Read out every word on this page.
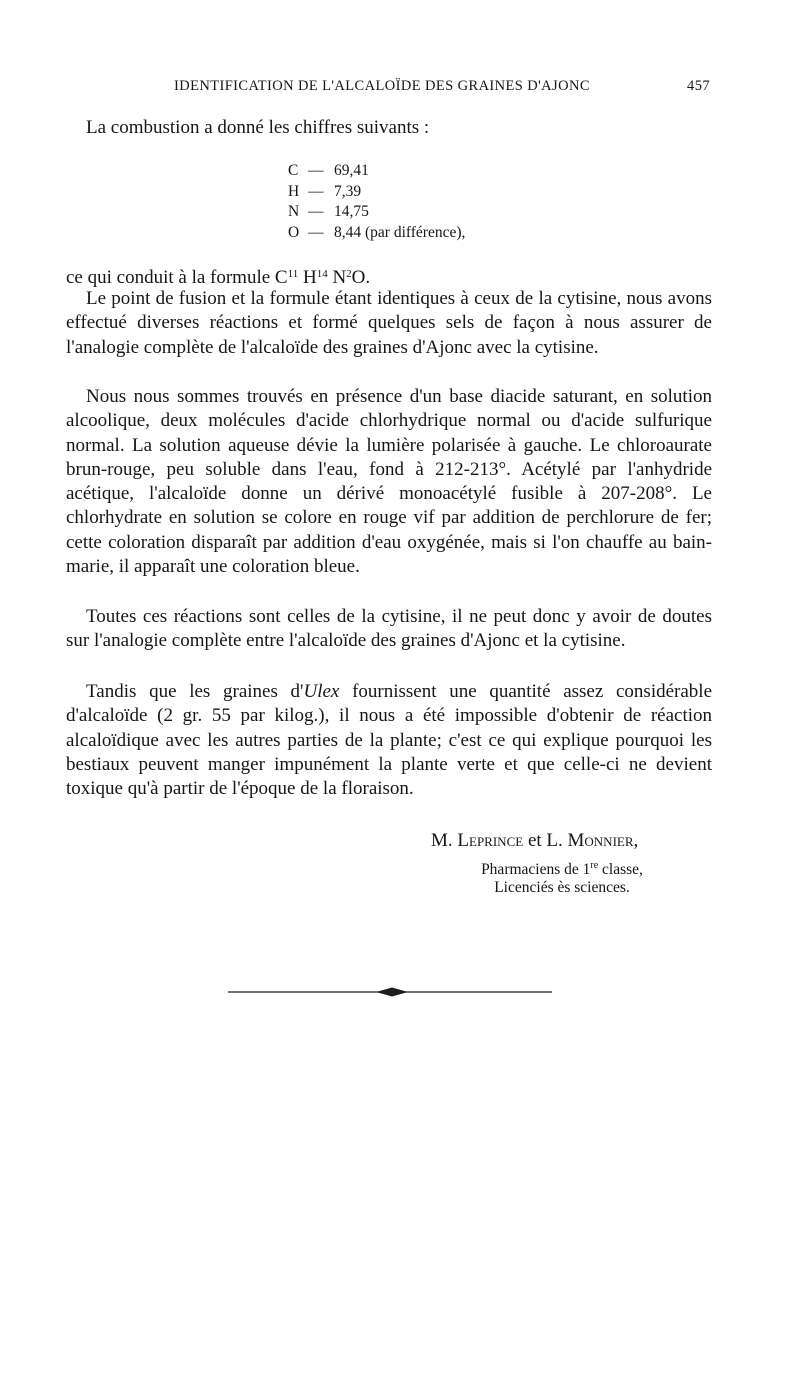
IDENTIFICATION DE L'ALCALOÏDE DES GRAINES D'AJONC	457

La combustion a donné les chiffres suivants :

C — 69,41
H — 7,39
N — 14,75
O — 8,44 (par différence),

ce qui conduit à la formule $C^{11}$ $H^{14}$ $N^2O$.

Le point de fusion et la formule étant identiques à ceux de la cytisine, nous avons effectué diverses réactions et formé quelques sels de façon à nous assurer de l'analogie complète de l'alcaloïde des graines d'Ajonc avec la cytisine.

Nous nous sommes trouvés en présence d'un base diacide saturant, en solution alcoolique, deux molécules d'acide chlorhydrique normal ou d'acide sulfurique normal. La solution aqueuse dévie la lumière polarisée à gauche. Le chloroaurate brun-rouge, peu soluble dans l'eau, fond à 212-213°. Acétylé par l'anhydride acétique, l'alcaloïde donne un dérivé monoacétylé fusible à 207-208°. Le chlorhydrate en solution se colore en rouge vif par addition de perchlorure de fer; cette coloration disparaît par addition d'eau oxygénée, mais si l'on chauffe au bain-marie, il apparaît une coloration bleue.

Toutes ces réactions sont celles de la cytisine, il ne peut donc y avoir de doutes sur l'analogie complète entre l'alcaloïde des graines d'Ajonc et la cytisine.

Tandis que les graines d'Ulex fournissent une quantité assez considérable d'alcaloïde (2 gr. 55 par kilog.), il nous a été impossible d'obtenir de réaction alcaloïdique avec les autres parties de la plante; c'est ce qui explique pourquoi les bestiaux peuvent manger impunément la plante verte et que celle-ci ne devient toxique qu'à partir de l'époque de la floraison.

M. Leprince et L. Monnier,
Pharmaciens de 1re classe,
Licenciés ès sciences.
